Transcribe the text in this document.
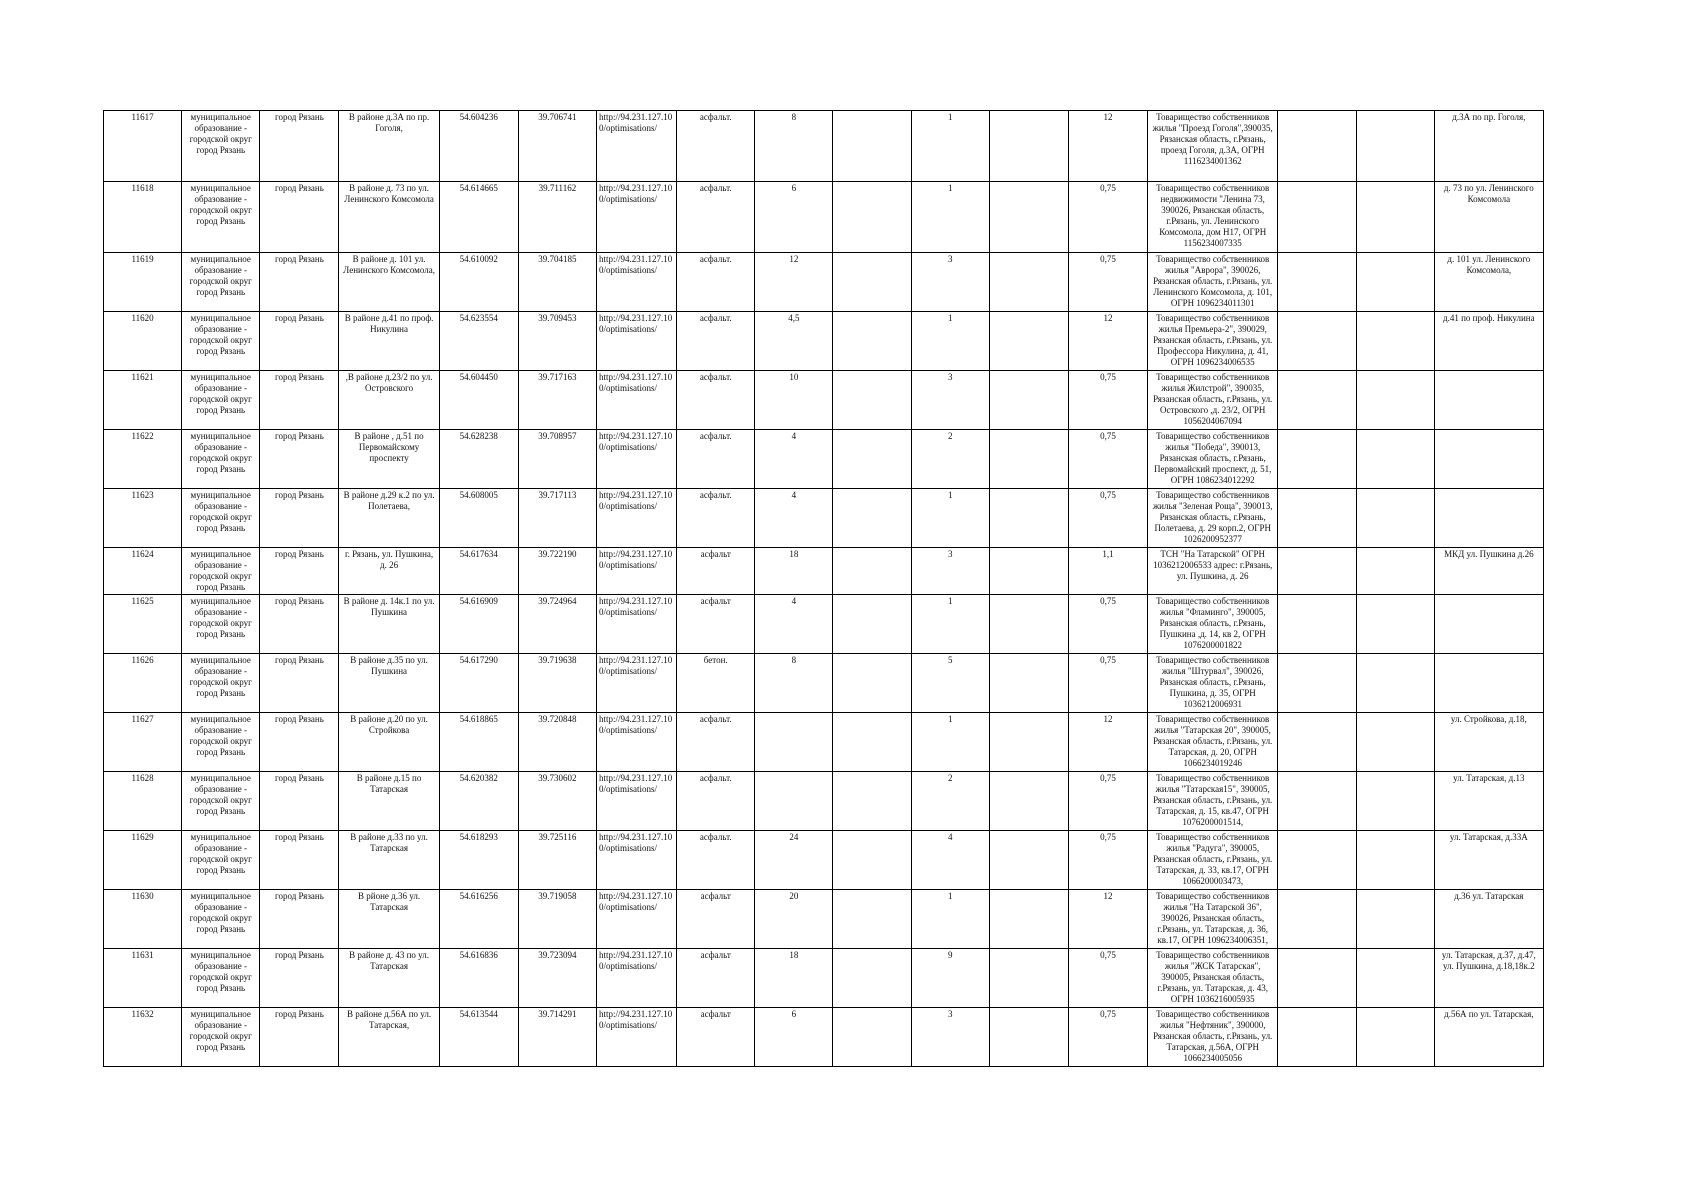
11617	муниципальное образование - городской округ город Рязань	город Рязань	В районе д.3А по пр. Гоголя,	54.604236	39.706741	http://94.231.127.100/optimisations/	асфальт.	8		1		12	Товарищество собственников жилья "Проезд Гоголя",390035, Рязанская область, г.Рязань, проезд Гоголя, д.3А, ОГРН 1116234001362			д.3А по пр. Гоголя,
11618	муниципальное образование - городской округ город Рязань	город Рязань	В районе д. 73 по ул. Ленинского Комсомола	54.614665	39.711162	http://94.231.127.100/optimisations/	асфальт.	6		1		0,75	Товарищество собственников недвижимости "Ленина 73, 390026, Рязанская область, г.Рязань, ул. Ленинского Комсомола, дом Н17, ОГРН 1156234007335			д. 73 по ул. Ленинского Комсомола
11619	муниципальное образование - городской округ город Рязань	город Рязань	В районе д. 101 ул. Ленинского Комсомола,	54.610092	39.704185	http://94.231.127.100/optimisations/	асфальт.	12		3		0,75	Товарищество собственников жилья "Аврора", 390026, Рязанская область, г.Рязань, ул. Ленинского Комсомола, д. 101, ОГРН 1096234011301			д. 101 ул. Ленинского Комсомола,
11620	муниципальное образование - городской округ город Рязань	город Рязань	В районе д.41 по проф. Никулина	54.623554	39.709453	http://94.231.127.100/optimisations/	асфальт.	4,5		1		12	Товарищество собственников жилья Премьера-2", 390029, Рязанская область, г.Рязань, ул. Профессора Никулина, д. 41, ОГРН 1096234006535			д.41 по проф. Никулина
11621	муниципальное образование - городской округ город Рязань	город Рязань	,В районе д.23/2 по ул. Островского	54.604450	39.717163	http://94.231.127.100/optimisations/	асфальт.	10		3		0,75	Товарищество собственников жилья Жилстрой", 390035, Рязанская область, г.Рязань, ул. Островского ,д. 23/2, ОГРН 1056204067094			
11622	муниципальное образование - городской округ город Рязань	город Рязань	В районе , д.51 по Первомайскому проспекту	54.628238	39.708957	http://94.231.127.100/optimisations/	асфальт.	4		2		0,75	Товарищество собственников жилья "Победа", 390013, Рязанская область, г.Рязань, Первомайский проспект, д. 51, ОГРН 1086234012292			
11623	муниципальное образование - городской округ город Рязань	город Рязань	В районе д.29 к.2 по ул. Полетаева,	54.608005	39.717113	http://94.231.127.100/optimisations/	асфальт.	4		1		0,75	Товарищество собственников жилья "Зеленая Роща", 390013, Рязанская область, г.Рязань, Полетаева, д. 29 корп.2, ОГРН 1026200952377			
11624	муниципальное образование - городской округ город Рязань	город Рязань	г. Рязань, ул. Пушкина, д. 26	54.617634	39.722190	http://94.231.127.100/optimisations/	асфальт	18		3		1,1	ТСН "На Татарской" ОГРН 1036212006533 адрес: г.Рязань, ул. Пушкина, д. 26			МКД ул. Пушкина д.26
11625	муниципальное образование - городской округ город Рязань	город Рязань	В районе д. 14к.1 по ул. Пушкина	54.616909	39.724964	http://94.231.127.100/optimisations/	асфальт	4		1		0,75	Товарищество собственников жилья "Фламинго", 390005, Рязанская область, г.Рязань, Пушкина ,д. 14, кв 2, ОГРН 1076200001822			
11626	муниципальное образование - городской округ город Рязань	город Рязань	В районе д.35 по ул. Пушкина	54.617290	39.719638	http://94.231.127.100/optimisations/	бетон.	8		5		0,75	Товарищество собственников жилья "Штурвал", 390026, Рязанская область, г.Рязань, Пушкина, д. 35, ОГРН 1036212006931			
11627	муниципальное образование - городской округ город Рязань	город Рязань	В районе д.20 по ул. Стройкова	54.618865	39.720848	http://94.231.127.100/optimisations/	асфальт.			1		12	Товарищество собственников жилья "Татарская 20", 390005, Рязанская область, г.Рязань, ул. Татарская, д. 20, ОГРН 1066234019246			ул. Стройкова, д.18,
11628	муниципальное образование - городской округ город Рязань	город Рязань	В районе д.15 по Татарская	54.620382	39.730602	http://94.231.127.100/optimisations/	асфальт.			2		0,75	Товарищество собственников жилья "Татарская15", 390005, Рязанская область, г.Рязань, ул. Татарская, д. 15, кв.47, ОГРН 1076200001514,			ул. Татарская, д.13
11629	муниципальное образование - городской округ город Рязань	город Рязань	В районе д.33 по ул. Татарская	54.618293	39.725116	http://94.231.127.100/optimisations/	асфальт.	24		4		0,75	Товарищество собственников жилья "Радуга", 390005, Рязанская область, г.Рязань, ул. Татарская, д. 33, кв.17, ОГРН 1066200003473,			ул. Татарская, д.33А
11630	муниципальное образование - городской округ город Рязань	город Рязань	В рйоне д.36 ул. Татарская	54.616256	39.719058	http://94.231.127.100/optimisations/	асфальт	20		1		12	Товарищество собственников жилья "На Татарской 36", 390026, Рязанская область, г.Рязань, ул. Татарская, д. 36, кв.17, ОГРН 1096234006351,			д.36 ул. Татарская
11631	муниципальное образование - городской округ город Рязань	город Рязань	В районе д. 43 по ул. Татарская	54.616836	39.723094	http://94.231.127.100/optimisations/	асфальт	18		9		0,75	Товарищество собственников жилья "ЖСК Татарская", 390005, Рязанская область, г.Рязань, ул. Татарская, д. 43, ОГРН 1036216005935			ул. Татарская, д.37, д.47, ул. Пушкина, д.18,18к.2
11632	муниципальное образование - городской округ город Рязань	город Рязань	В районе д.56А по ул. Татарская,	54.613544	39.714291	http://94.231.127.100/optimisations/	асфальт	6		3		0,75	Товарищество собственников жилья "Нефтяник", 390000, Рязанская область, г.Рязань, ул. Татарская, д.56А, ОГРН 1066234005056			д.56А по ул. Татарская,
